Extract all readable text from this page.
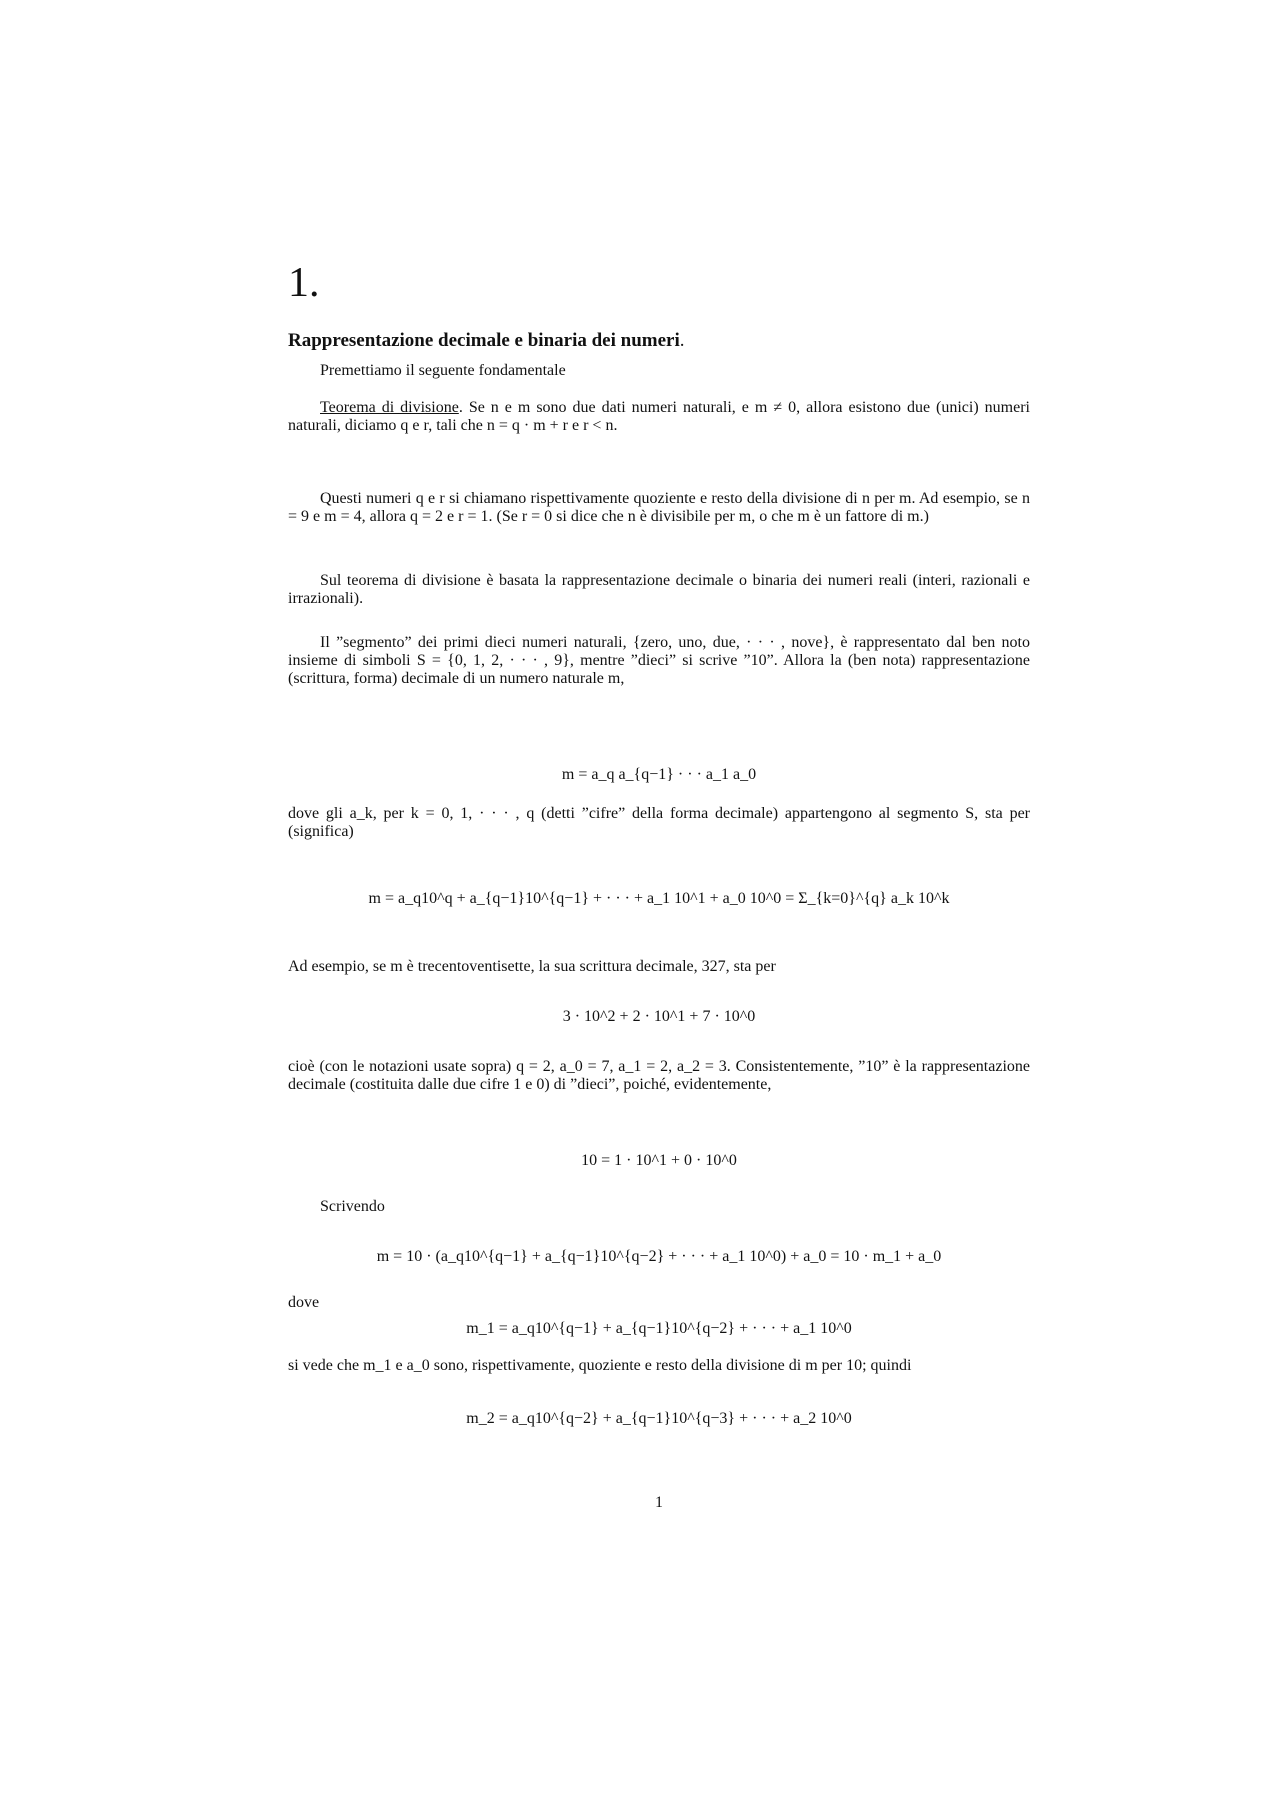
1.
Rappresentazione decimale e binaria dei numeri.
Premettiamo il seguente fondamentale
Teorema di divisione. Se n e m sono due dati numeri naturali, e m ≠ 0, allora esistono due (unici) numeri naturali, diciamo q e r, tali che n = q · m + r e r < n.
Questi numeri q e r si chiamano rispettivamente quoziente e resto della divisione di n per m. Ad esempio, se n = 9 e m = 4, allora q = 2 e r = 1. (Se r = 0 si dice che n è divisibile per m, o che m è un fattore di m.)
Sul teorema di divisione è basata la rappresentazione decimale o binaria dei numeri reali (interi, razionali e irrazionali).
Il ”segmento” dei primi dieci numeri naturali, {zero, uno, due, · · · , nove}, è rappresentato dal ben noto insieme di simboli S = {0, 1, 2, · · · , 9}, mentre ”dieci” si scrive ”10”. Allora la (ben nota) rappresentazione (scrittura, forma) decimale di un numero naturale m,
m = a_q a_{q−1} · · · a_1 a_0
dove gli a_k, per k = 0, 1, · · · , q (detti ”cifre” della forma decimale) appartengono al segmento S, sta per (significa)
m = a_q10^q + a_{q−1}10^{q−1} + · · · + a_1 10^1 + a_0 10^0 = Σ_{k=0}^{q} a_k 10^k
Ad esempio, se m è trecentoventisette, la sua scrittura decimale, 327, sta per
3 · 10^2 + 2 · 10^1 + 7 · 10^0
cioè (con le notazioni usate sopra) q = 2, a_0 = 7, a_1 = 2, a_2 = 3. Consistentemente, ”10” è la rappresentazione decimale (costituita dalle due cifre 1 e 0) di ”dieci”, poiché, evidentemente,
10 = 1 · 10^1 + 0 · 10^0
Scrivendo
m = 10 · (a_q10^{q−1} + a_{q−1}10^{q−2} + · · · + a_1 10^0) + a_0 = 10 · m_1 + a_0
dove
m_1 = a_q10^{q−1} + a_{q−1}10^{q−2} + · · · + a_1 10^0
si vede che m_1 e a_0 sono, rispettivamente, quoziente e resto della divisione di m per 10; quindi
m_2 = a_q10^{q−2} + a_{q−1}10^{q−3} + · · · + a_2 10^0
1
